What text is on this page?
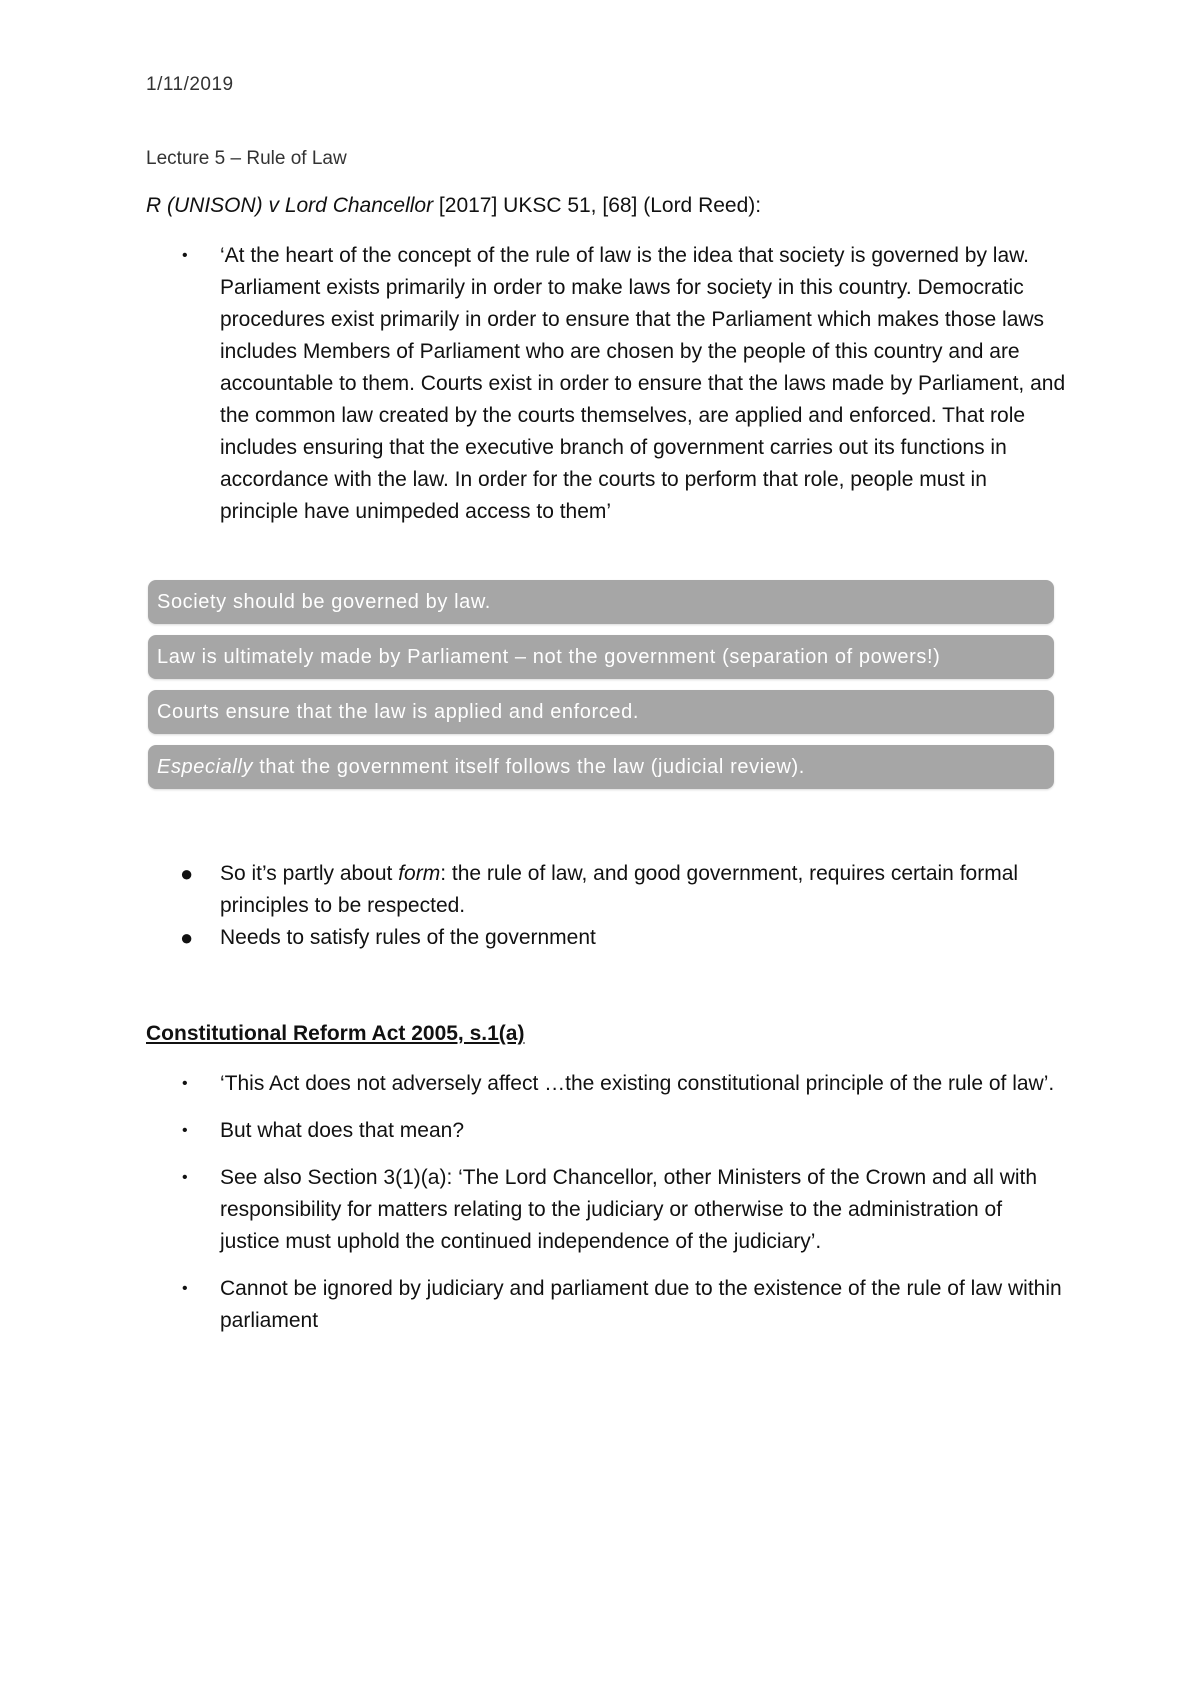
1/11/2019
Lecture 5 – Rule of Law
R (UNISON) v Lord Chancellor [2017] UKSC 51, [68] (Lord Reed):
• ‘At the heart of the concept of the rule of law is the idea that society is governed by law. Parliament exists primarily in order to make laws for society in this country. Democratic procedures exist primarily in order to ensure that the Parliament which makes those laws includes Members of Parliament who are chosen by the people of this country and are accountable to them. Courts exist in order to ensure that the laws made by Parliament, and the common law created by the courts themselves, are applied and enforced. That role includes ensuring that the executive branch of government carries out its functions in accordance with the law. In order for the courts to perform that role, people must in principle have unimpeded access to them’
Society should be governed by law.
Law is ultimately made by Parliament – not the government (separation of powers!)
Courts ensure that the law is applied and enforced.
Especially that the government itself follows the law (judicial review).
● So it’s partly about form: the rule of law, and good government, requires certain formal principles to be respected.
● Needs to satisfy rules of the government
Constitutional Reform Act 2005, s.1(a)
• ‘This Act does not adversely affect …the existing constitutional principle of the rule of law’.
• But what does that mean?
• See also Section 3(1)(a): ‘The Lord Chancellor, other Ministers of the Crown and all with responsibility for matters relating to the judiciary or otherwise to the administration of justice must uphold the continued independence of the judiciary’.
• Cannot be ignored by judiciary and parliament due to the existence of the rule of law within parliament
